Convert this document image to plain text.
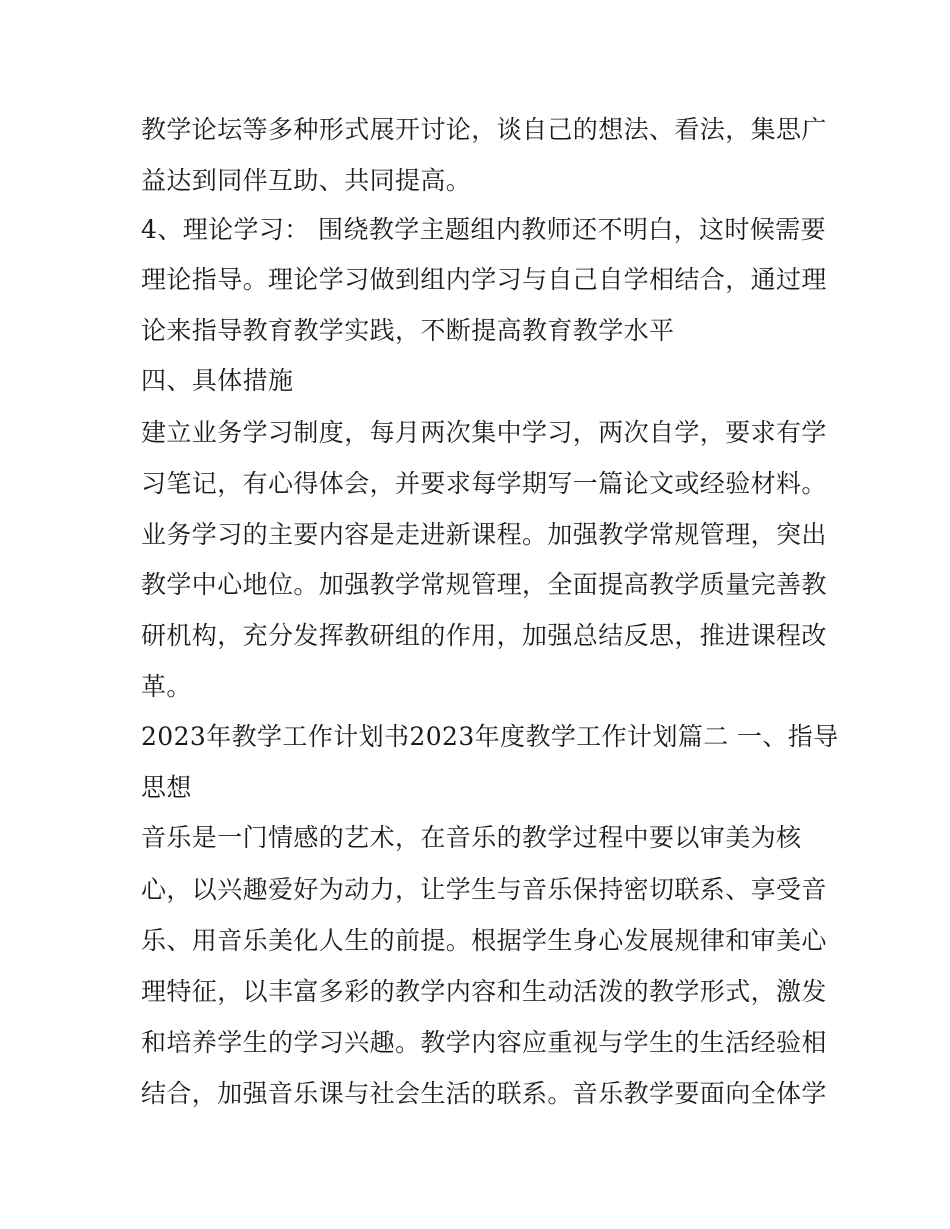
教学论坛等多种形式展开讨论，谈自己的想法、看法，集思广
益达到同伴互助、共同提高。
4、理论学习： 围绕教学主题组内教师还不明白，这时候需要
理论指导。理论学习做到组内学习与自己自学相结合，通过理
论来指导教育教学实践，不断提高教育教学水平
四、具体措施
建立业务学习制度，每月两次集中学习，两次自学，要求有学
习笔记，有心得体会，并要求每学期写一篇论文或经验材料。
业务学习的主要内容是走进新课程。加强教学常规管理，突出
教学中心地位。加强教学常规管理，全面提高教学质量完善教
研机构，充分发挥教研组的作用，加强总结反思，推进课程改
革。
2023年教学工作计划书2023年度教学工作计划篇二 一、指导
思想
音乐是一门情感的艺术，在音乐的教学过程中要以审美为核
心，以兴趣爱好为动力，让学生与音乐保持密切联系、享受音
乐、用音乐美化人生的前提。根据学生身心发展规律和审美心
理特征，以丰富多彩的教学内容和生动活泼的教学形式，激发
和培养学生的学习兴趣。教学内容应重视与学生的生活经验相
结合，加强音乐课与社会生活的联系。音乐教学要面向全体学
